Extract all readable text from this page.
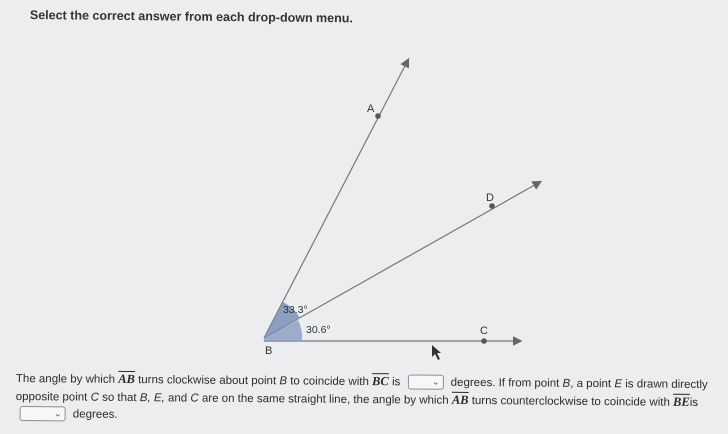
Select the correct answer from each drop-down menu.
A
D
C
B
33.3°
30.6°
The angle by which $\overline{AB}$ turns clockwise about point B to coincide with $\overline{BC}$ is	⌄ degrees. If from point B, a point E is drawn directly opposite point C so that B, E, and C are on the same straight line, the angle by which $\overline{AB}$ turns counterclockwise to coincide with $\overline{BE}is$

⌄ degrees.
